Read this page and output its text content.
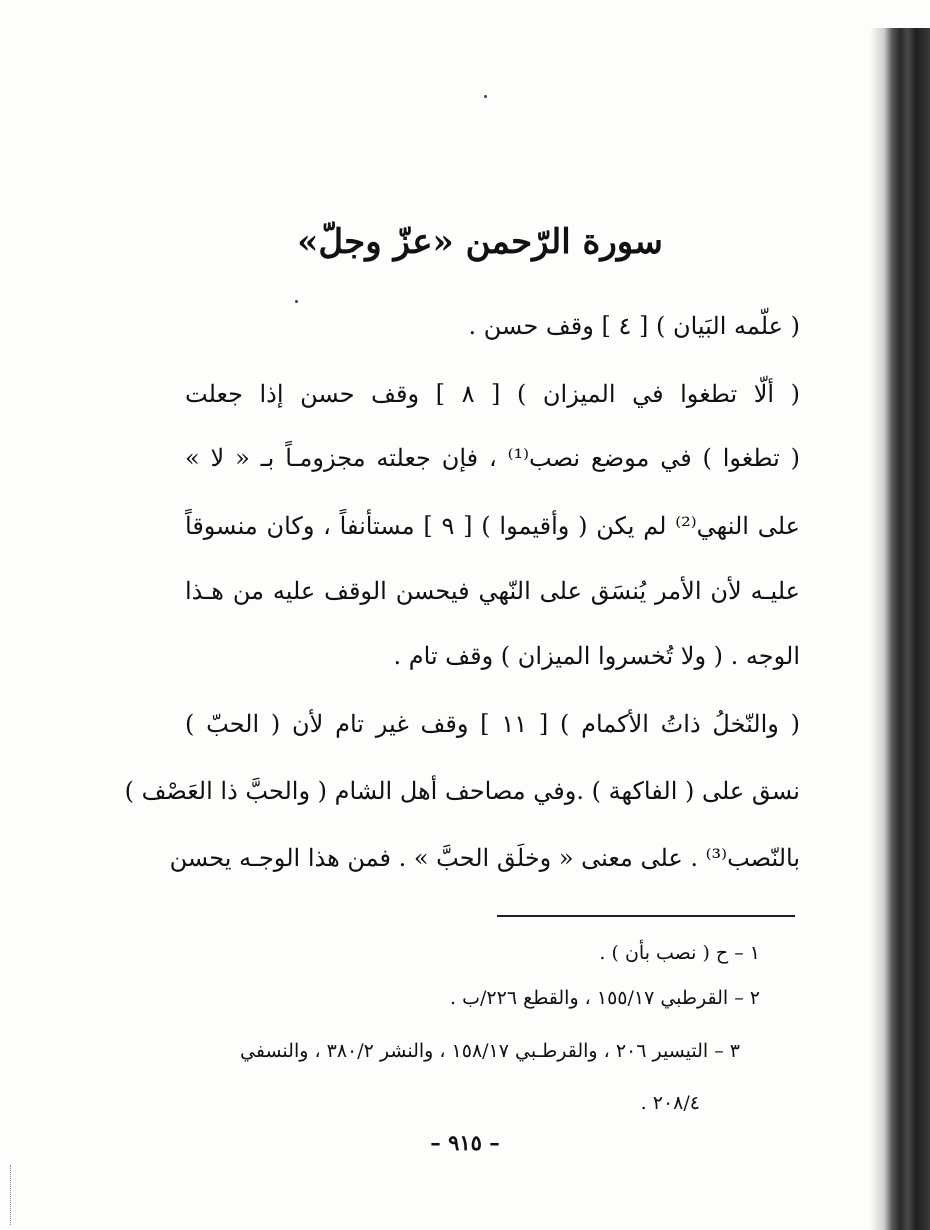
سورة الرّحمن «عزّ وجلّ»
( علّمه البَيان ) [ ٤ ] وقف حسن .
( ألّا تطغوا في الميزان ) [ ٨ ] وقف حسن إذا جعلت
( تطغوا ) في موضع نصب⁽¹⁾ ، فإن جعلته مجزومـاً بـ « لا »
على النهي⁽²⁾ لم يكن ( وأقيموا ) [ ٩ ] مستأنفاً ، وكان منسوقاً
عليـه لأن الأمر يُنسَق على النّهي فيحسن الوقف عليه من هـذا
الوجه . ( ولا تُخسروا الميزان ) وقف تام .
( والنّخلُ ذاتُ الأكمام ) [ ١١ ] وقف غير تام لأن ( الحبّ )
نسق على ( الفاكهة ) .وفي مصاحف أهل الشام ( والحبَّ ذا العَصْف )
بالنّصب⁽³⁾ . على معنى « وخلَق الحبَّ » . فمن هذا الوجـه يحسن
١ – ح ( نصب بأن ) .
٢ – القرطبي ١٥٥/١٧ ، والقطع ٢٢٦/ب .
٣ – التيسير ٢٠٦ ، والقرطـبي ١٥٨/١٧ ، والنشر ٣٨٠/٢ ، والنسفي
٢٠٨/٤ .
– ٩١٥ –
